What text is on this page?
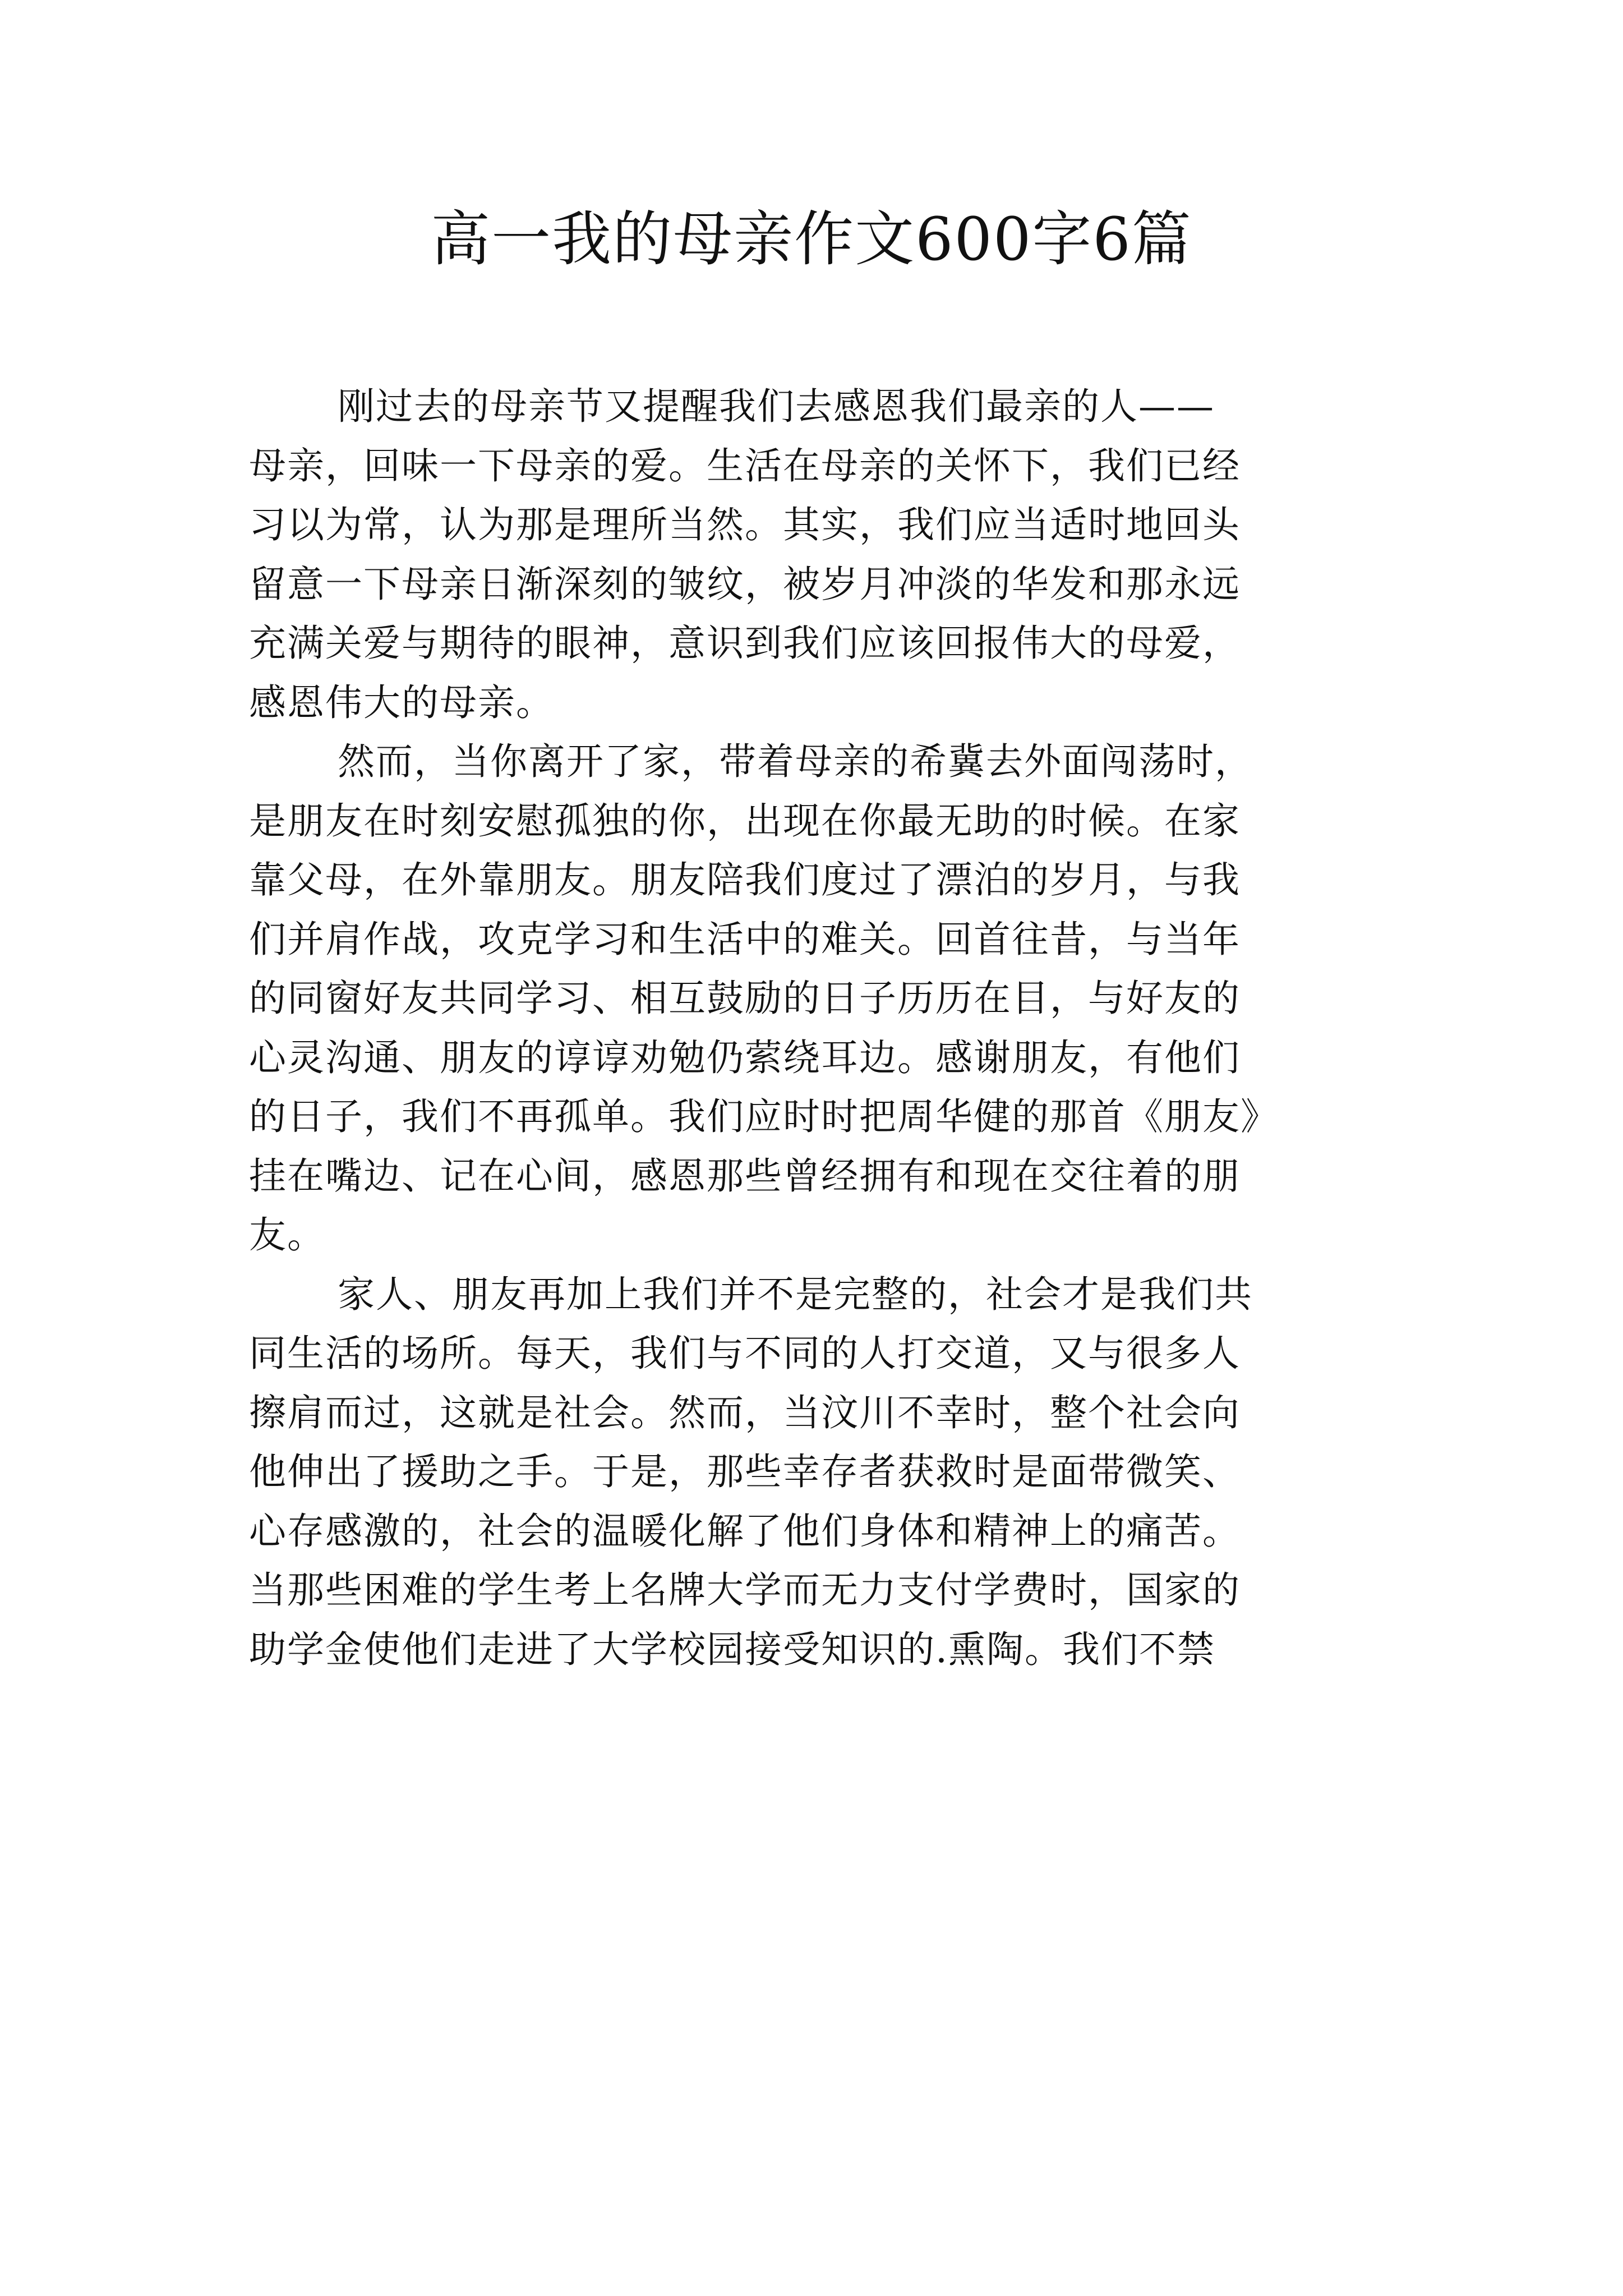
高一我的母亲作文600字6篇

刚过去的母亲节又提醒我们去感恩我们最亲的人——
母亲，回味一下母亲的爱。生活在母亲的关怀下，我们已经
习以为常，认为那是理所当然。其实，我们应当适时地回头
留意一下母亲日渐深刻的皱纹，被岁月冲淡的华发和那永远
充满关爱与期待的眼神，意识到我们应该回报伟大的母爱，
感恩伟大的母亲。

然而，当你离开了家，带着母亲的希冀去外面闯荡时，
是朋友在时刻安慰孤独的你，出现在你最无助的时候。在家
靠父母，在外靠朋友。朋友陪我们度过了漂泊的岁月，与我
们并肩作战，攻克学习和生活中的难关。回首往昔，与当年
的同窗好友共同学习、相互鼓励的日子历历在目，与好友的
心灵沟通、朋友的谆谆劝勉仍萦绕耳边。感谢朋友，有他们
的日子，我们不再孤单。我们应时时把周华健的那首《朋友》
挂在嘴边、记在心间，感恩那些曾经拥有和现在交往着的朋
友。

家人、朋友再加上我们并不是完整的，社会才是我们共
同生活的场所。每天，我们与不同的人打交道，又与很多人
擦肩而过，这就是社会。然而，当汶川不幸时，整个社会向
他伸出了援助之手。于是，那些幸存者获救时是面带微笑、
心存感激的，社会的温暖化解了他们身体和精神上的痛苦。
当那些困难的学生考上名牌大学而无力支付学费时，国家的
助学金使他们走进了大学校园接受知识的.熏陶。我们不禁
